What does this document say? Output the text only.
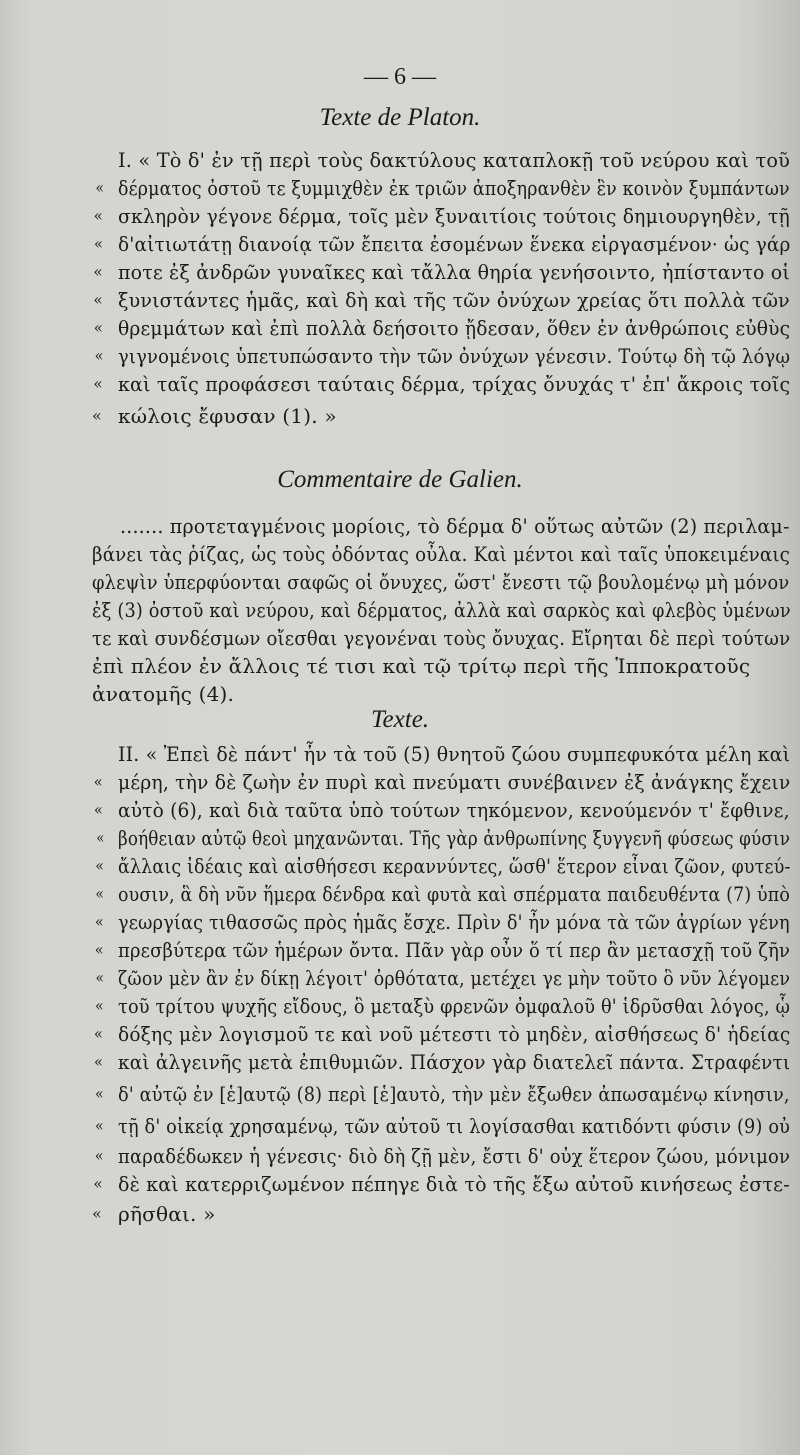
— 6 —
Texte de Platon.
I. « Τὸ δ' ἐν τῇ περὶ τοὺς δακτύλους καταπλοκῇ τοῦ νεύρου καὶ τοῦ
« δέρματος ὀστοῦ τε ξυμμιχθὲν ἐκ τριῶν ἀποξηρανθὲν ἓν κοινὸν ξυμπάντων
« σκληρὸν γέγονε δέρμα, τοῖς μὲν ξυναιτίοις τούτοις δημιουργηθὲν, τῇ
« δ'αἰτιωτάτῃ διανοίᾳ τῶν ἔπειτα ἐσομένων ἕνεκα εἰργασμένον· ὡς γάρ
« ποτε ἐξ ἀνδρῶν γυναῖκες καὶ τἄλλα θηρία γενήσοιντο, ἠπίσταντο οἱ
« ξυνιστάντες ἡμᾶς, καὶ δὴ καὶ τῆς τῶν ὀνύχων χρείας ὅτι πολλὰ τῶν
« θρεμμάτων καὶ ἐπὶ πολλὰ δεήσοιτο ᾔδεσαν, ὅθεν ἐν ἀνθρώποις εὐθὺς
« γιγνομένοις ὑπετυπώσαντο τὴν τῶν ὀνύχων γένεσιν. Τούτῳ δὴ τῷ λόγῳ
« καὶ ταῖς προφάσεσι ταύταις δέρμα, τρίχας ὄνυχάς τ' ἐπ' ἄκροις τοῖς
« κώλοις ἔφυσαν (1). »
Commentaire de Galien.
....... προτεταγμένοις μορίοις, τὸ δέρμα δ' οὕτως αὐτῶν (2) περιλαμ-
βάνει τὰς ῥίζας, ὡς τοὺς ὀδόντας οὖλα. Καὶ μέντοι καὶ ταῖς ὑποκειμέναις
φλεψὶν ὑπερφύονται σαφῶς οἱ ὄνυχες, ὥστ' ἔνεστι τῷ βουλομένῳ μὴ μόνον
ἐξ (3) ὀστοῦ καὶ νεύρου, καὶ δέρματος, ἀλλὰ καὶ σαρκὸς καὶ φλεβὸς ὑμένων
τε καὶ συνδέσμων οἴεσθαι γεγονέναι τοὺς ὄνυχας. Εἴρηται δὲ περὶ τούτων
ἐπὶ πλέον ἐν ἄλλοις τέ τισι καὶ τῷ τρίτῳ περὶ τῆς Ἱπποκρατοῦς
ἀνατομῆς (4).
Texte.
II. « Ἐπεὶ δὲ πάντ' ἦν τὰ τοῦ (5) θνητοῦ ζώου συμπεφυκότα μέλη καὶ
« μέρη, τὴν δὲ ζωὴν ἐν πυρὶ καὶ πνεύματι συνέβαινεν ἐξ ἀνάγκης ἔχειν
« αὐτὸ (6), καὶ διὰ ταῦτα ὑπὸ τούτων τηκόμενον, κενούμενόν τ' ἔφθινε,
« βοήθειαν αὐτῷ θεοὶ μηχανῶνται. Τῆς γὰρ ἀνθρωπίνης ξυγγενῆ φύσεως φύσιν
« ἄλλαις ἰδέαις καὶ αἰσθήσεσι κεραννύντες, ὥσθ' ἕτερον εἶναι ζῶον, φυτεύ-
« ουσιν, ἃ δὴ νῦν ἥμερα δένδρα καὶ φυτὰ καὶ σπέρματα παιδευθέντα (7) ὑπὸ
« γεωργίας τιθασσῶς πρὸς ἡμᾶς ἔσχε. Πρὶν δ' ἦν μόνα τὰ τῶν ἀγρίων γένη
« πρεσβύτερα τῶν ἡμέρων ὄντα. Πᾶν γὰρ οὖν ὅ τί περ ἂν μετασχῇ τοῦ ζῆν
« ζῶον μὲν ἂν ἐν δίκῃ λέγοιτ' ὀρθότατα, μετέχει γε μὴν τοῦτο ὃ νῦν λέγομεν
« τοῦ τρίτου ψυχῆς εἴδους, ὃ μεταξὺ φρενῶν ὀμφαλοῦ θ' ἱδρῦσθαι λόγος, ᾧ
« δόξης μὲν λογισμοῦ τε καὶ νοῦ μέτεστι τὸ μηδὲν, αἰσθήσεως δ' ἡδείας
« καὶ ἀλγεινῆς μετὰ ἐπιθυμιῶν. Πάσχον γὰρ διατελεῖ πάντα. Στραφέντι
« δ' αὐτῷ ἐν [ἑ]αυτῷ (8) περὶ [ἑ]αυτὸ, τὴν μὲν ἔξωθεν ἀπωσαμένῳ κίνησιν,
« τῇ δ' οἰκείᾳ χρησαμένῳ, τῶν αὐτοῦ τι λογίσασθαι κατιδόντι φύσιν (9) οὐ
« παραδέδωκεν ἡ γένεσις· διὸ δὴ ζῇ μὲν, ἔστι δ' οὐχ ἕτερον ζώου, μόνιμον
« δὲ καὶ κατερριζωμένον πέπηγε διὰ τὸ τῆς ἔξω αὐτοῦ κινήσεως ἐστε-
« ρῆσθαι. »
